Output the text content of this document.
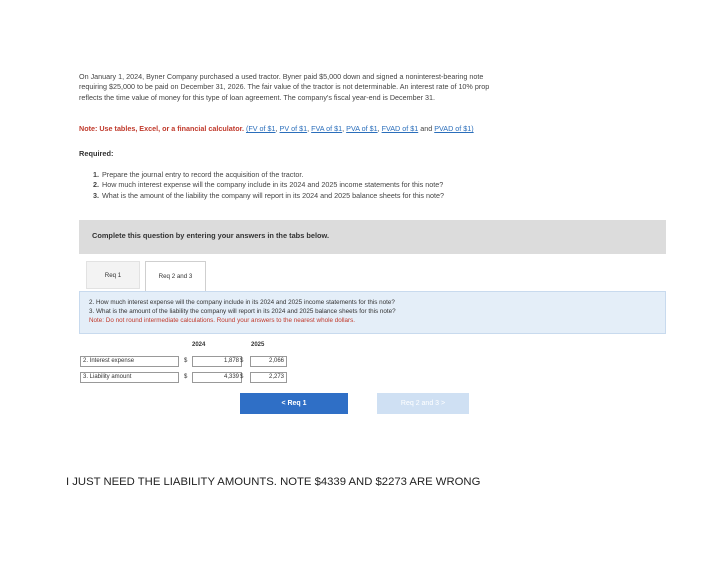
On January 1, 2024, Byner Company purchased a used tractor. Byner paid $5,000 down and signed a noninterest-bearing note
requiring $25,000 to be paid on December 31, 2026. The fair value of the tractor is not determinable. An interest rate of 10% prop
reflects the time value of money for this type of loan agreement. The company's fiscal year-end is December 31.
Note: Use tables, Excel, or a financial calculator. (FV of $1, PV of $1, FVA of $1, PVA of $1, FVAD of $1 and PVAD of $1)
Required:
1. Prepare the journal entry to record the acquisition of the tractor.
2. How much interest expense will the company include in its 2024 and 2025 income statements for this note?
3. What is the amount of the liability the company will report in its 2024 and 2025 balance sheets for this note?
Complete this question by entering your answers in the tabs below.
Req 1	Req 2 and 3
2. How much interest expense will the company include in its 2024 and 2025 income statements for this note?
3. What is the amount of the liability the company will report in its 2024 and 2025 balance sheets for this note?
Note: Do not round intermediate calculations. Round your answers to the nearest whole dollars.
2024	2025
2. Interest expense	$	1,878 $	2,066
3. Liability amount	$	4,339 $	2,273
< Req 1	Req 2 and 3 >
I JUST NEED THE LIABILITY AMOUNTS. NOTE $4339 AND $2273 ARE WRONG
